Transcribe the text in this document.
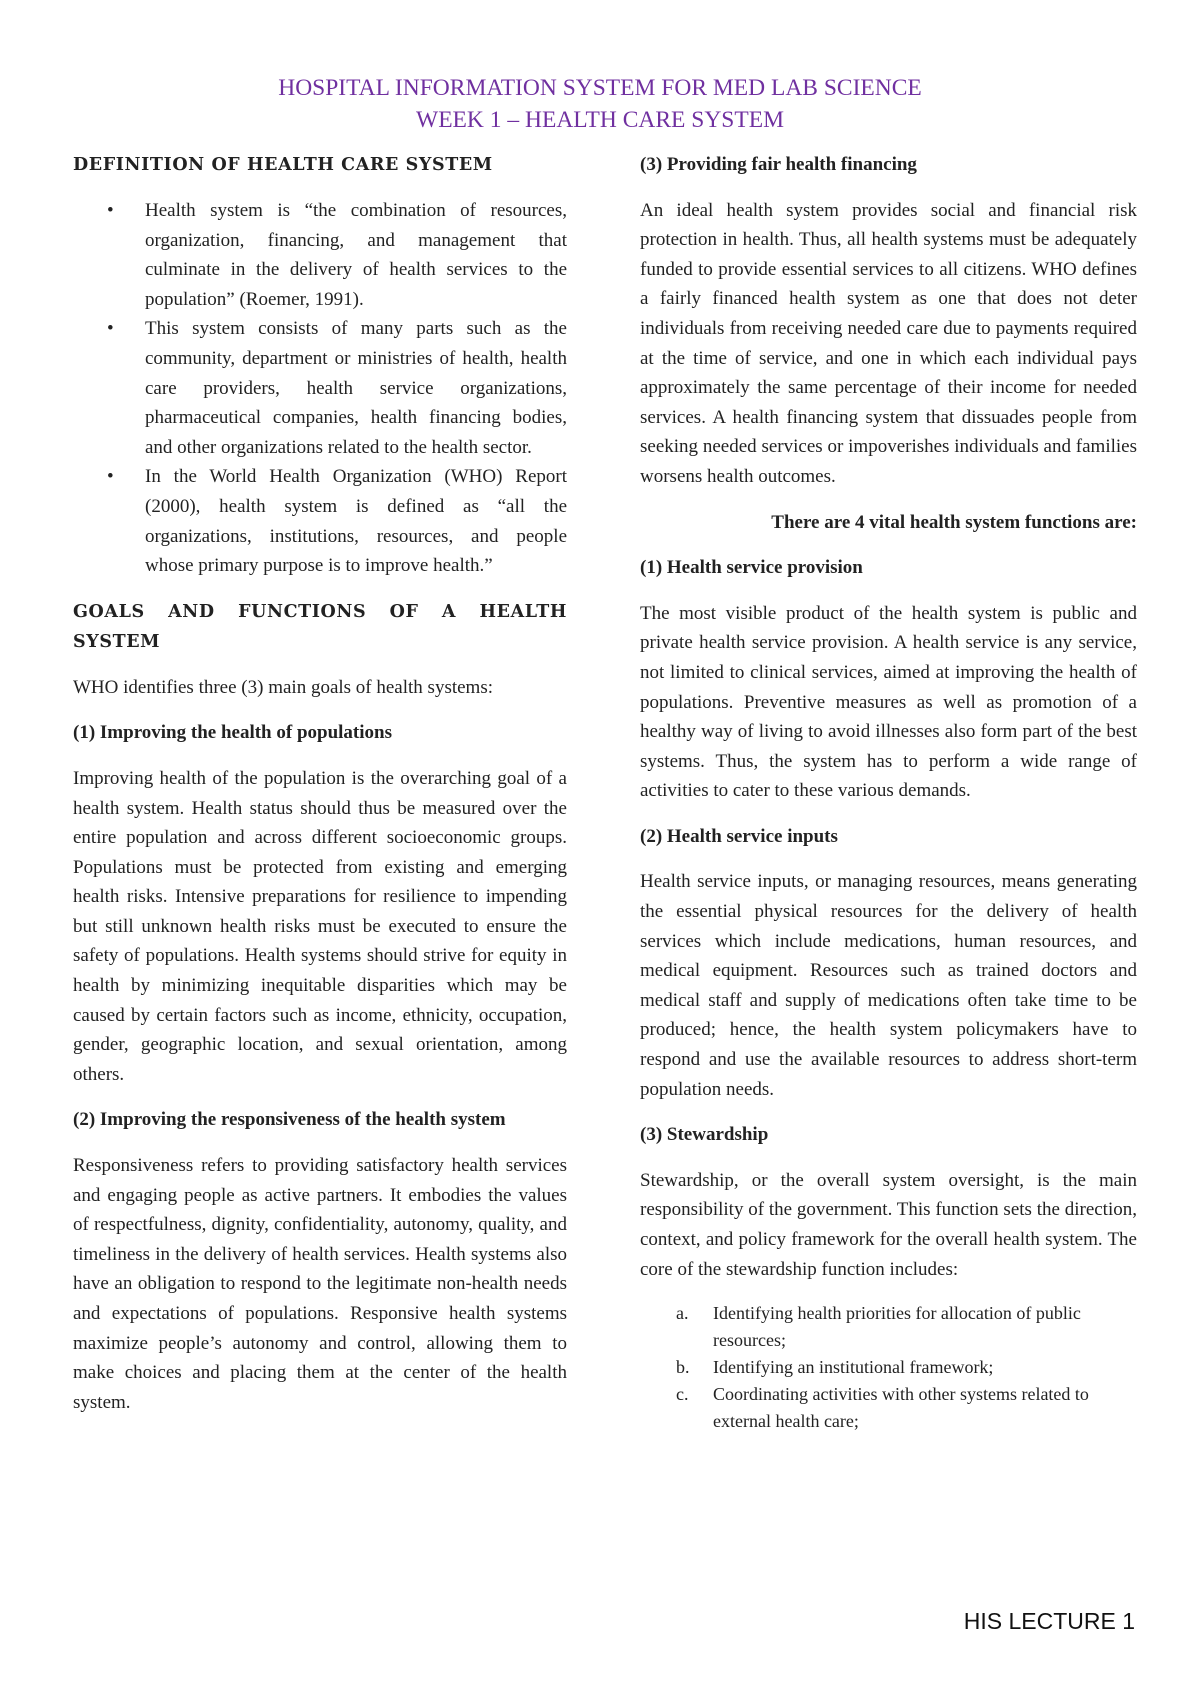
HOSPITAL INFORMATION SYSTEM FOR MED LAB SCIENCE
WEEK 1 – HEALTH CARE SYSTEM
DEFINITION OF HEALTH CARE SYSTEM
• Health system is “the combination of resources, organization, financing, and management that culminate in the delivery of health services to the population” (Roemer, 1991).
• This system consists of many parts such as the community, department or ministries of health, health care providers, health service organizations, pharmaceutical companies, health financing bodies, and other organizations related to the health sector.
• In the World Health Organization (WHO) Report (2000), health system is defined as “all the organizations, institutions, resources, and people whose primary purpose is to improve health.”
GOALS AND FUNCTIONS OF A HEALTH SYSTEM
WHO identifies three (3) main goals of health systems:
(1) Improving the health of populations
Improving health of the population is the overarching goal of a health system. Health status should thus be measured over the entire population and across different socioeconomic groups. Populations must be protected from existing and emerging health risks. Intensive preparations for resilience to impending but still unknown health risks must be executed to ensure the safety of populations. Health systems should strive for equity in health by minimizing inequitable disparities which may be caused by certain factors such as income, ethnicity, occupation, gender, geographic location, and sexual orientation, among others.
(2) Improving the responsiveness of the health system
Responsiveness refers to providing satisfactory health services and engaging people as active partners. It embodies the values of respectfulness, dignity, confidentiality, autonomy, quality, and timeliness in the delivery of health services. Health systems also have an obligation to respond to the legitimate non-health needs and expectations of populations. Responsive health systems maximize people’s autonomy and control, allowing them to make choices and placing them at the center of the health system.
(3) Providing fair health financing
An ideal health system provides social and financial risk protection in health. Thus, all health systems must be adequately funded to provide essential services to all citizens. WHO defines a fairly financed health system as one that does not deter individuals from receiving needed care due to payments required at the time of service, and one in which each individual pays approximately the same percentage of their income for needed services. A health financing system that dissuades people from seeking needed services or impoverishes individuals and families worsens health outcomes.
There are 4 vital health system functions are:
(1) Health service provision
The most visible product of the health system is public and private health service provision. A health service is any service, not limited to clinical services, aimed at improving the health of populations. Preventive measures as well as promotion of a healthy way of living to avoid illnesses also form part of the best systems. Thus, the system has to perform a wide range of activities to cater to these various demands.
(2) Health service inputs
Health service inputs, or managing resources, means generating the essential physical resources for the delivery of health services which include medications, human resources, and medical equipment. Resources such as trained doctors and medical staff and supply of medications often take time to be produced; hence, the health system policymakers have to respond and use the available resources to address short-term population needs.
(3) Stewardship
Stewardship, or the overall system oversight, is the main responsibility of the government. This function sets the direction, context, and policy framework for the overall health system. The core of the stewardship function includes:
a. Identifying health priorities for allocation of public resources;
b. Identifying an institutional framework;
c. Coordinating activities with other systems related to external health care;
HIS LECTURE 1
